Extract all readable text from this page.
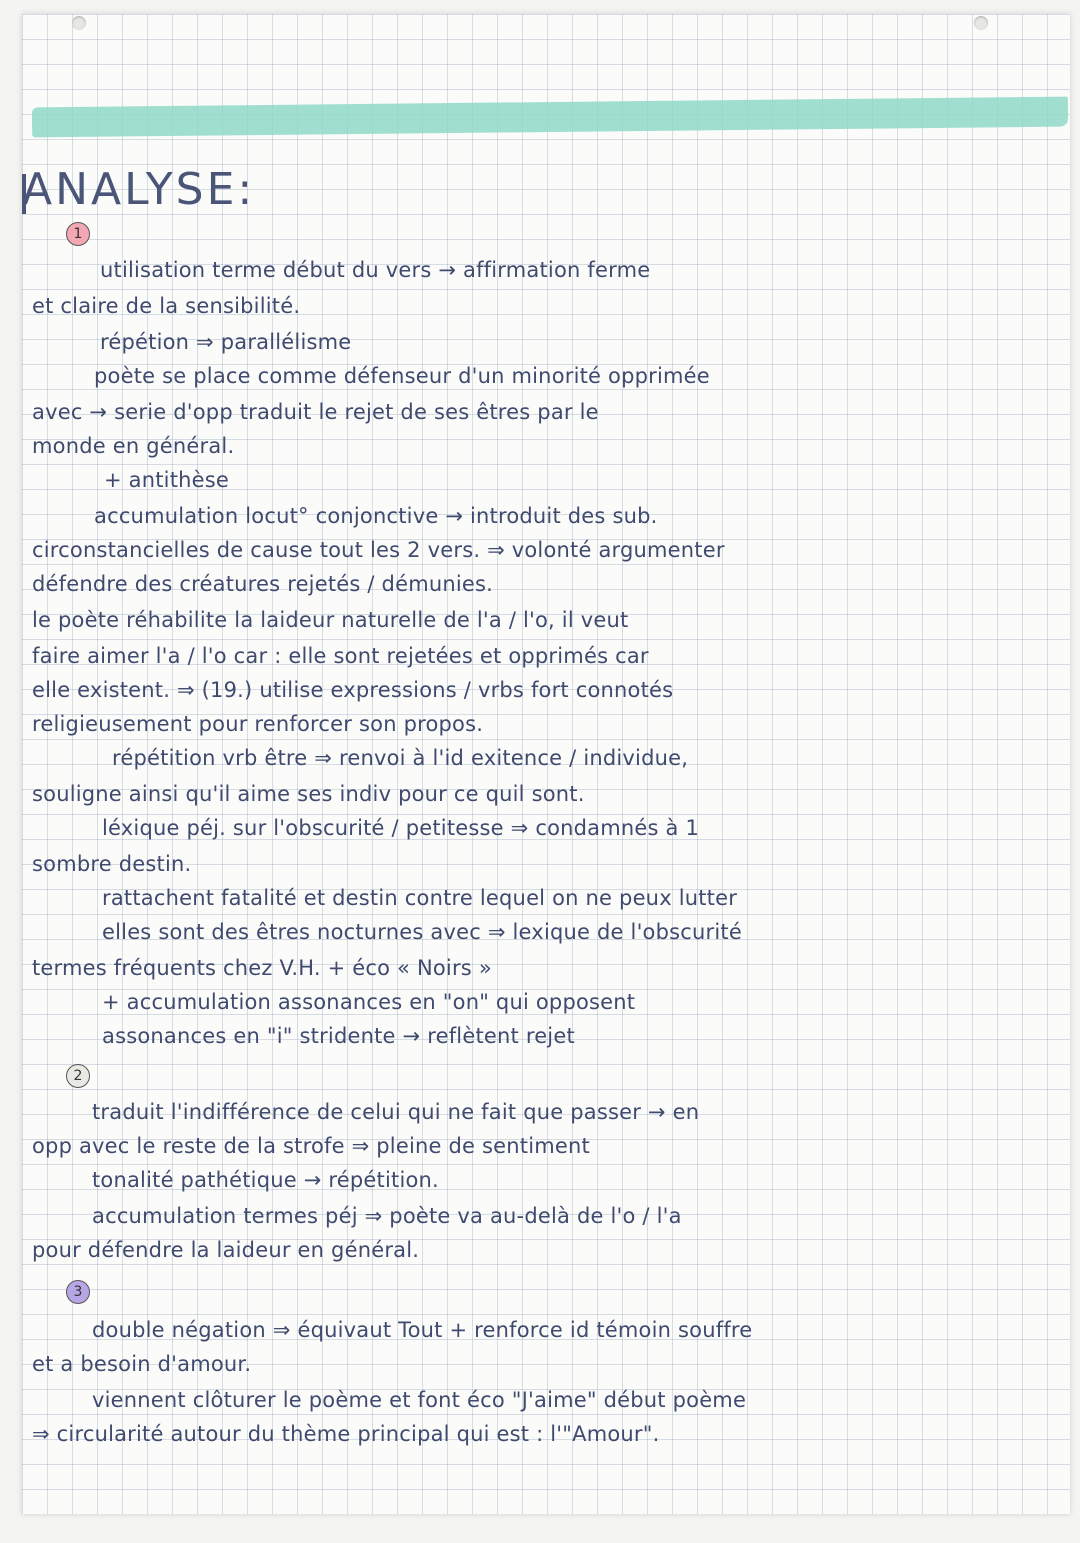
ANALYSE:
1
utilisation terme début du vers → affirmation ferme
et claire de la sensibilité.
répétion ⇒ parallélisme
poète se place comme défenseur d'un minorité opprimée
avec → serie d'opp traduit le rejet de ses êtres par le
monde en général.
+ antithèse
accumulation locut° conjonctive → introduit des sub.
circonstancielles de cause tout les 2 vers. ⇒ volonté argumenter
défendre des créatures rejetés / démunies.
le poète réhabilite la laideur naturelle de l'a / l'o, il veut
faire aimer l'a / l'o car : elle sont rejetées et opprimés car
elle existent. ⇒ (19.) utilise expressions / vrbs fort connotés
religieusement pour renforcer son propos.
répétition vrb être ⇒ renvoi à l'id exitence / individue,
souligne ainsi qu'il aime ses indiv pour ce quil sont.
léxique péj. sur l'obscurité / petitesse ⇒ condamnés à 1
sombre destin.
rattachent fatalité et destin contre lequel on ne peux lutter
elles sont des êtres nocturnes avec ⇒ lexique de l'obscurité
termes fréquents chez V.H. + éco « Noirs »
+ accumulation assonances en "on" qui opposent
assonances en "i" stridente → reflètent rejet
2
traduit l'indifférence de celui qui ne fait que passer → en
opp avec le reste de la strofe ⇒ pleine de sentiment
tonalité pathétique → répétition.
accumulation termes péj ⇒ poète va au-delà de l'o / l'a
pour défendre la laideur en général.
3
double négation ⇒ équivaut Tout + renforce id témoin souffre
et a besoin d'amour.
viennent clôturer le poème et font éco "J'aime" début poème
⇒ circularité autour du thème principal qui est : l'"Amour".
